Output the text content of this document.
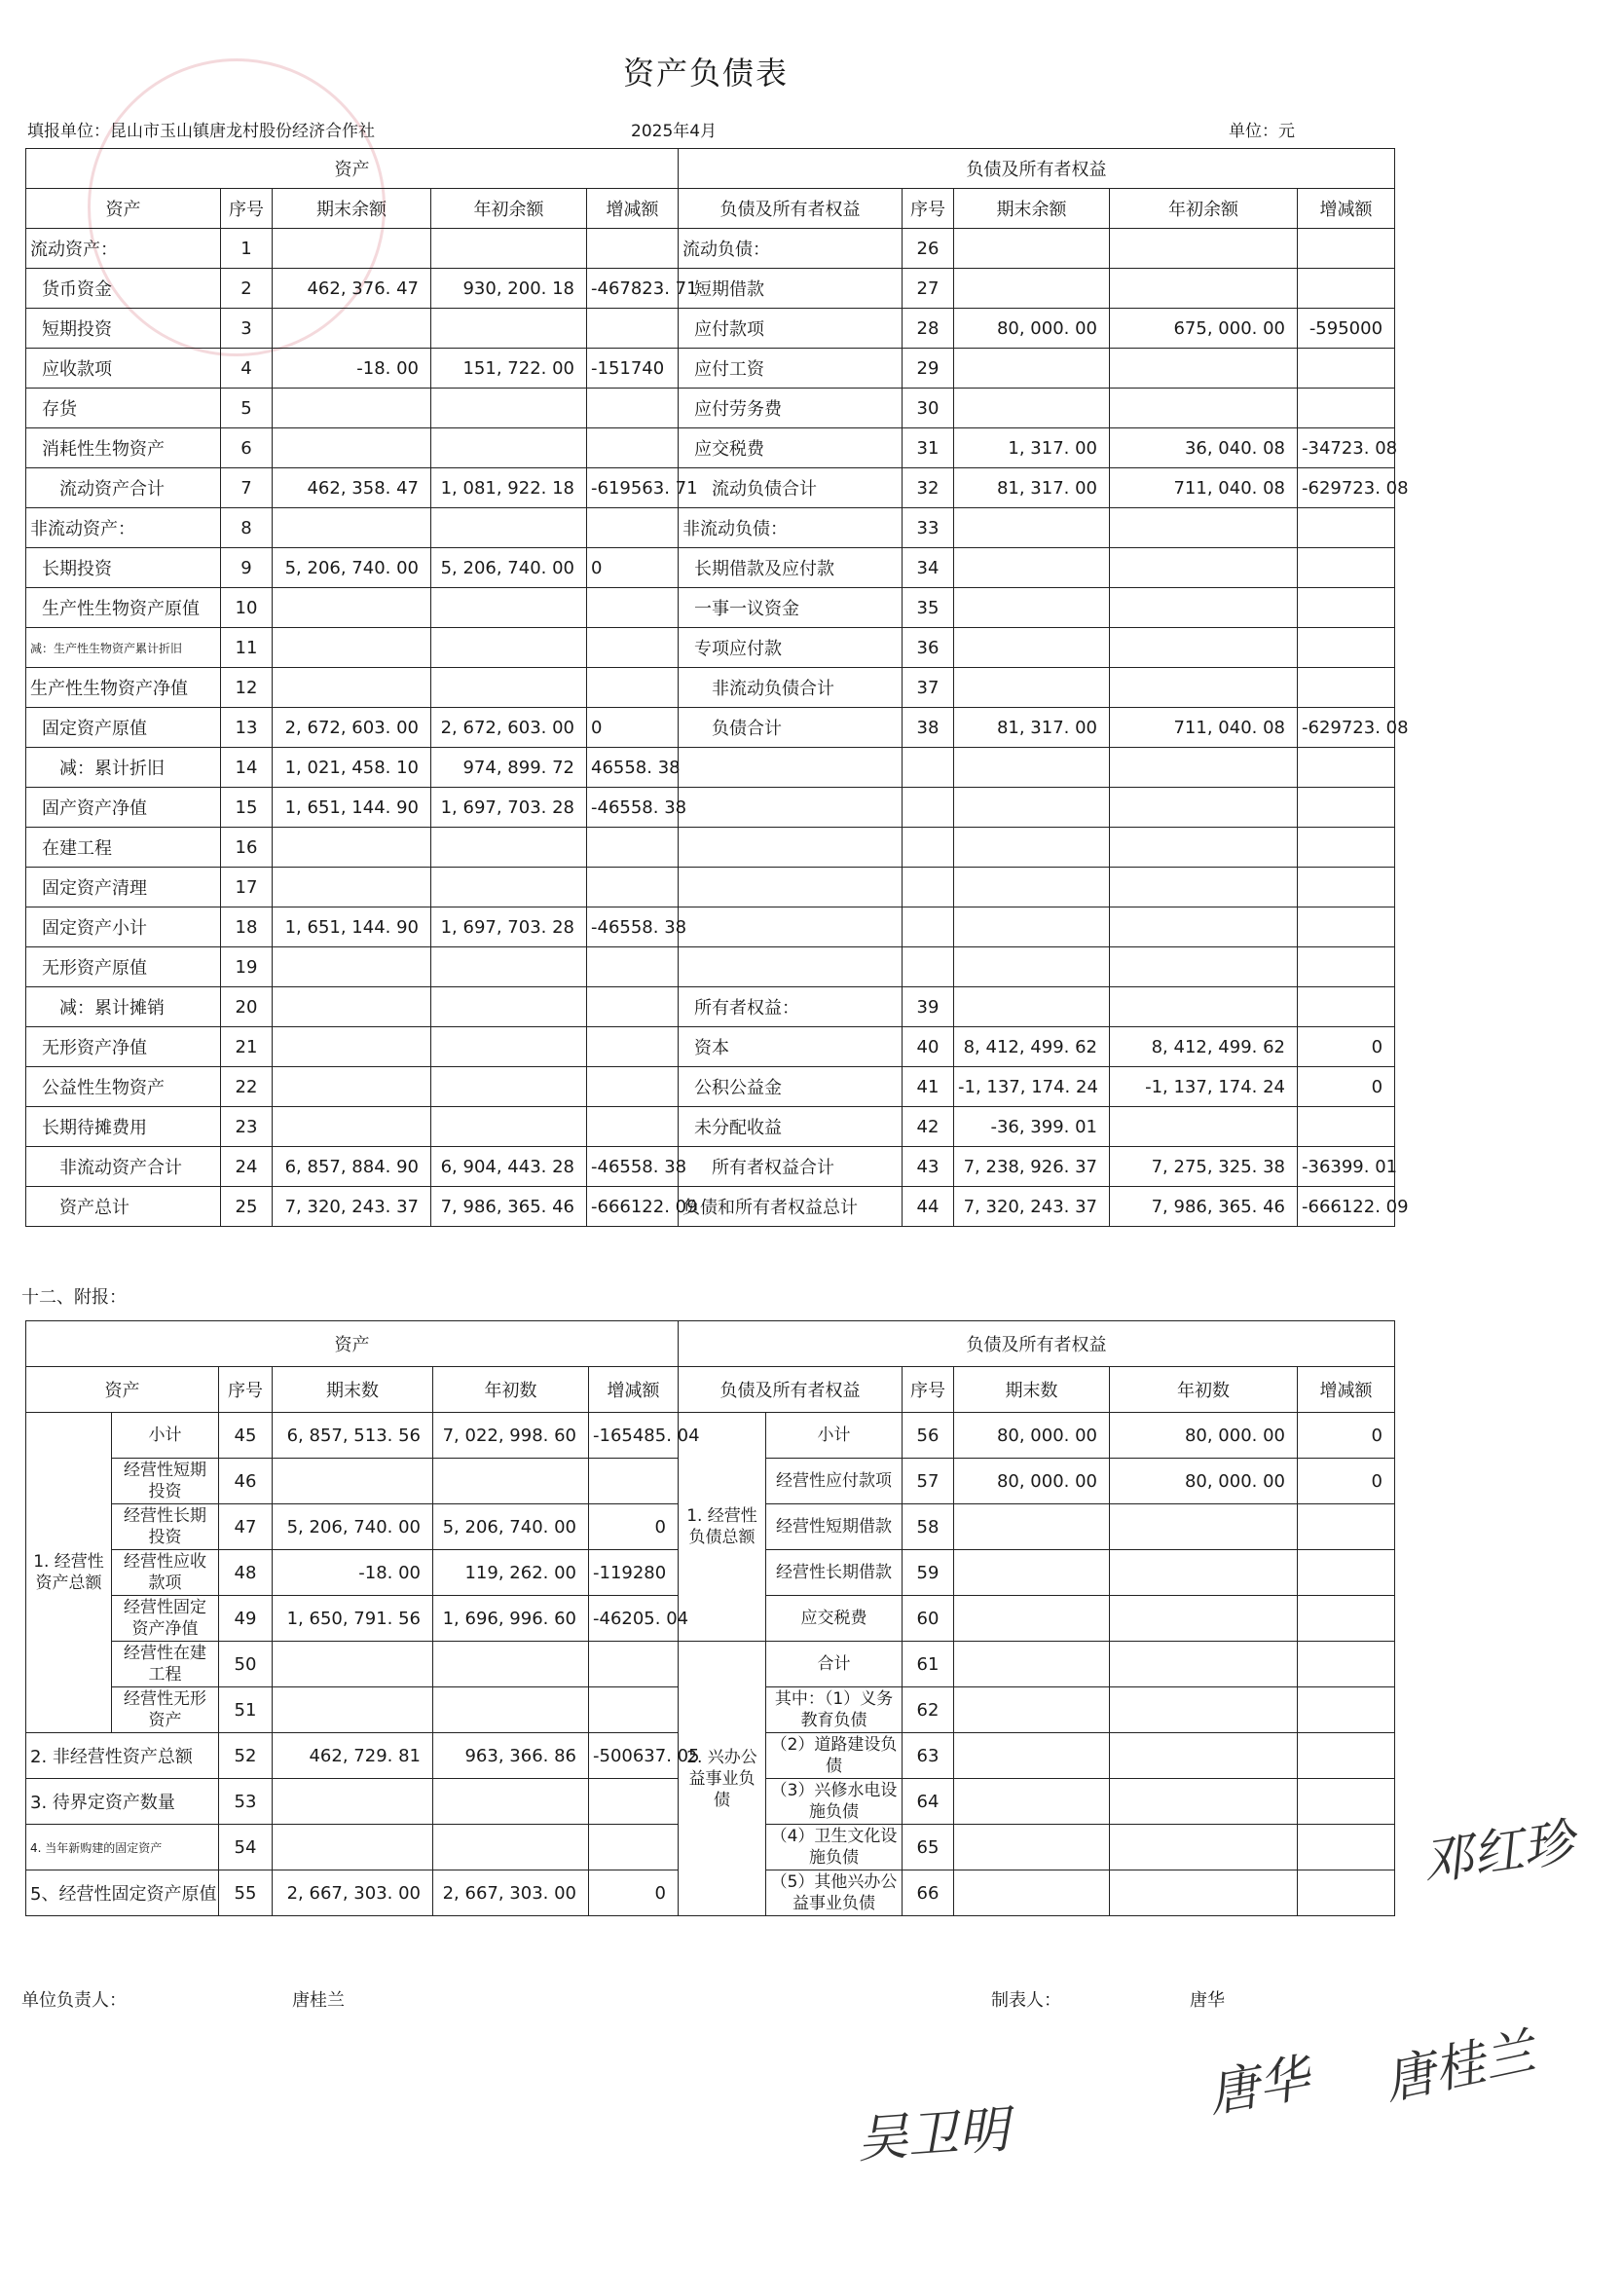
资产负债表
填报单位：昆山市玉山镇唐龙村股份经济合作社	2025年4月	单位：元
资产					负债及所有者权益				
资产	序号	期末余额	年初余额	增减额	负债及所有者权益	序号	期末余额	年初余额	增减额
流动资产：	1				流动负债：	26			
货币资金	2	462, 376. 47	930, 200. 18	-467823. 71	短期借款	27			
短期投资	3				应付款项	28	80, 000. 00	675, 000. 00	-595000
应收款项	4	-18. 00	151, 722. 00	-151740	应付工资	29			
存货	5				应付劳务费	30			
消耗性生物资产	6				应交税费	31	1, 317. 00	36, 040. 08	-34723. 08
流动资产合计	7	462, 358. 47	1, 081, 922. 18	-619563. 71	流动负债合计	32	81, 317. 00	711, 040. 08	-629723. 08
非流动资产：	8				非流动负债：	33			
长期投资	9	5, 206, 740. 00	5, 206, 740. 00	0	长期借款及应付款	34			
生产性生物资产原值	10				一事一议资金	35			
减：生产性生物资产累计折旧	11				专项应付款	36			
生产性生物资产净值	12				非流动负债合计	37			
固定资产原值	13	2, 672, 603. 00	2, 672, 603. 00	0	负债合计	38	81, 317. 00	711, 040. 08	-629723. 08
减：累计折旧	14	1, 021, 458. 10	974, 899. 72	46558. 38					
固产资产净值	15	1, 651, 144. 90	1, 697, 703. 28	-46558. 38					
在建工程	16								
固定资产清理	17								
固定资产小计	18	1, 651, 144. 90	1, 697, 703. 28	-46558. 38					
无形资产原值	19								
减：累计摊销	20				所有者权益：	39			
无形资产净值	21				资本	40	8, 412, 499. 62	8, 412, 499. 62	0
公益性生物资产	22				公积公益金	41	-1, 137, 174. 24	-1, 137, 174. 24	0
长期待摊费用	23				未分配收益	42	-36, 399. 01		
非流动资产合计	24	6, 857, 884. 90	6, 904, 443. 28	-46558. 38	所有者权益合计	43	7, 238, 926. 37	7, 275, 325. 38	-36399. 01
资产总计	25	7, 320, 243. 37	7, 986, 365. 46	-666122. 09	负债和所有者权益总计	44	7, 320, 243. 37	7, 986, 365. 46	-666122. 09
十二、附报：
资产						负债及所有者权益					
资产		序号	期末数	年初数	增减额	负债及所有者权益		序号	期末数	年初数	增减额
1. 经营性资产总额	小计	45	6, 857, 513. 56	7, 022, 998. 60	-165485. 04	1. 经营性负债总额	小计	56	80, 000. 00	80, 000. 00	0
	经营性短期投资	46					经营性应付款项	57	80, 000. 00	80, 000. 00	0
	经营性长期投资	47	5, 206, 740. 00	5, 206, 740. 00	0		经营性短期借款	58			
	经营性应收款项	48	-18. 00	119, 262. 00	-119280		经营性长期借款	59			
	经营性固定资产净值	49	1, 650, 791. 56	1, 696, 996. 60	-46205. 04		应交税费	60			
	经营性在建工程	50				2. 兴办公益事业负债	合计	61			
	经营性无形资产	51					其中：（1）义务教育负债	62			
2. 非经营性资产总额		52	462, 729. 81	963, 366. 86	-500637. 05		（2）道路建设负债	63			
3. 待界定资产数量		53					（3）兴修水电设施负债	64			
4. 当年新购建的固定资产		54					（4）卫生文化设施负债	65			
5、经营性固定资产原值		55	2, 667, 303. 00	2, 667, 303. 00	0		（5）其他兴办公益事业负债	66			
单位负责人：	唐桂兰	制表人：	唐华
邓红珍
唐华 唐桂兰
吴卫明
